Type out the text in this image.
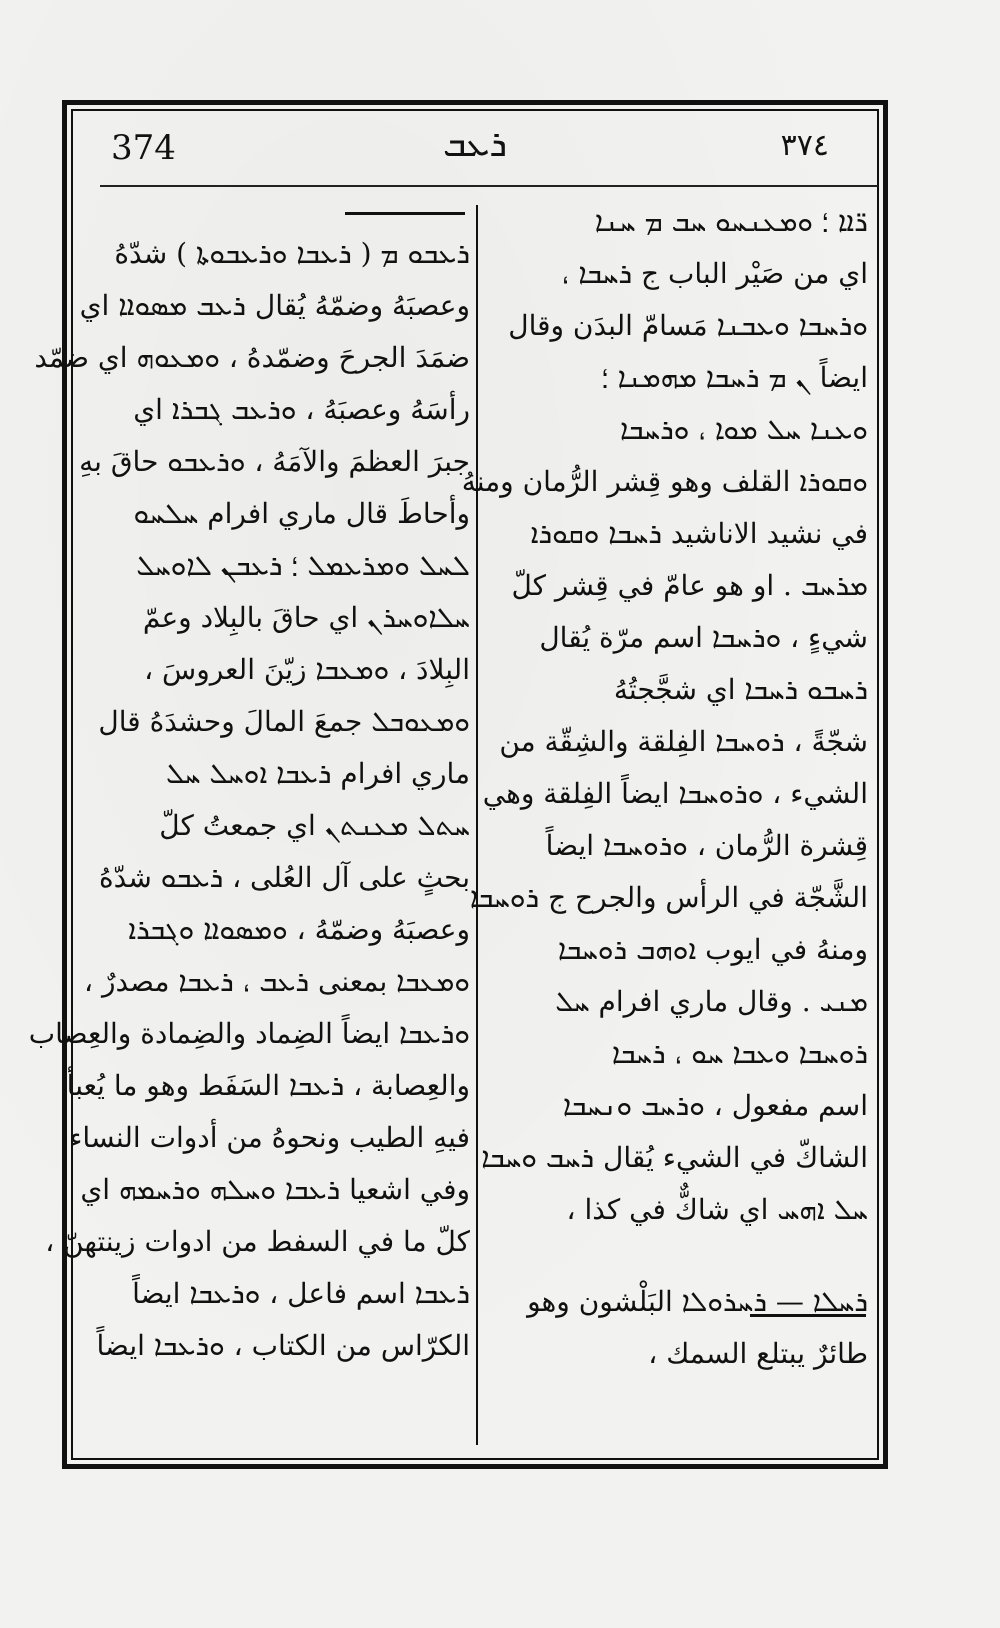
374	ܪܥܒ	٣٧٤
ܪ̈ܐܐ ؛ ܘܡܥܢܚܘ ܚܒ ܡ ܚܢܐ
اي من صَيْر الباب ج ܪܚܒܐ ،
ܘܪܚܒܐ ܘܥܒܢܐ مَسامّ البدَن وقال
ايضاً ܢ ܡ ܪܚܒܐ ܡܗܡܢܐ ؛
ܘܥܢܐ ܚܠ ܡܘܐ ، ܘܪܚܒܐ
ܘܩܘܪܐ القلف وهو قِشر الرُّمان ومنهُ
في نشيد الاناشيد ܪܚܒܐ ܘܩܘܪܐ
ܡܪܚܒ . او هو عامّ في قِشر كلّ
شيءٍ ، ܘܪܚܒܐ اسم مرّة يُقال
ܪܚܒܘ ܪܚܒܐ اي شجَّجتُهُ
شجّةً ، ܪܘܚܒܐ الفِلقة والشِقّة من
الشيء ، ܘܪܘܚܒܐ ايضاً الفِلقة وهي
قِشرة الرُّمان ، ܘܪܘܚܒܐ ايضاً
الشَّجّة في الرأس والجرح ج ܪܘܚܒܐ
ومنهُ في ايوب ܐܘܗܒ ܪܘܚܒܐ
ܡܢܝ . وقال ماري افرام ܚܠ
ܪܘܚܒܐ ܘܥܒܐ ܚܘ ، ܪܚܒܐ
اسم مفعول ، ܘܪܚܒ ܘܢܚܒܐ
الشاكّ في الشيء يُقال ܪܚܒ ܘܚܒܐ
ܚܠ ܐܗܚ اي شاكٌّ في كذا ،
ܪܚܠܐ — ܪܚܪܘܠܐ البَلْشون وهو
طائرٌ يبتلع السمك ،
ܪܥܒܘ ܡ ( ܪܥܒܐ ܘܪܥܒܘܬܐ ) شدّهُ
وعصبَهُ وضمّهُ يُقال ܪܥܒ ܡܣܘܐܐ اي
ضمَدَ الجرحَ وضمّدهُ ، ܘܡܥܘܗ اي ضمّد
رأسَهُ وعصبَهُ ، ܘܪܥܒ ܓܒܪܐ اي
جبرَ العظمَ والآمَهُ ، ܘܪܥܒܘ حاقَ بهِ
وأحاطَ قال ماري افرام ܚܠܚܘ
ܠܚܠ ܘܡܪܥܡܠ ؛ ܪܥܒܢ ܠܐܘܚܠ
ܚܠܐܘܚܪܢ اي حاقَ بالبِلاد وعمّ
البِلادَ ، ܘܡܥܒܐ زيّنَ العروسَ ،
ܘܡܥܘܒܠ جمعَ المالَ وحشدَهُ قال
ماري افرام ܪܥܒܐ ܐܘܚܠ ܚܠ
ܚܬܠ ܡܥܢܬܢ اي جمعتُ كلّ
بحثٍ على آل العُلى ، ܪܥܒܘ شدّهُ
وعصبَهُ وضمّهُ ، ܘܡܣܘܐܐ ܘܓܒܪܐ
ܘܡܥܒܐ بمعنى ܪܥܒ ، ܪܥܒܐ مصدرٌ ،
ܘܪܥܒܐ ايضاً الضِماد والضِمادة والعِصاب
والعِصابة ، ܪܥܒܐ السَفَط وهو ما يُعبأ
فيهِ الطيب ونحوهُ من أدوات النساء
وفي اشعيا ܪܥܒܐ ܘܚܠܗ ܘܪܚܡܗ اي
كلّ ما في السفط من ادوات زينتهنّ ،
ܪܥܒܐ اسم فاعل ، ܘܪܥܒܐ ايضاً
الكرّاس من الكتاب ، ܘܪܥܒܐ ايضاً
